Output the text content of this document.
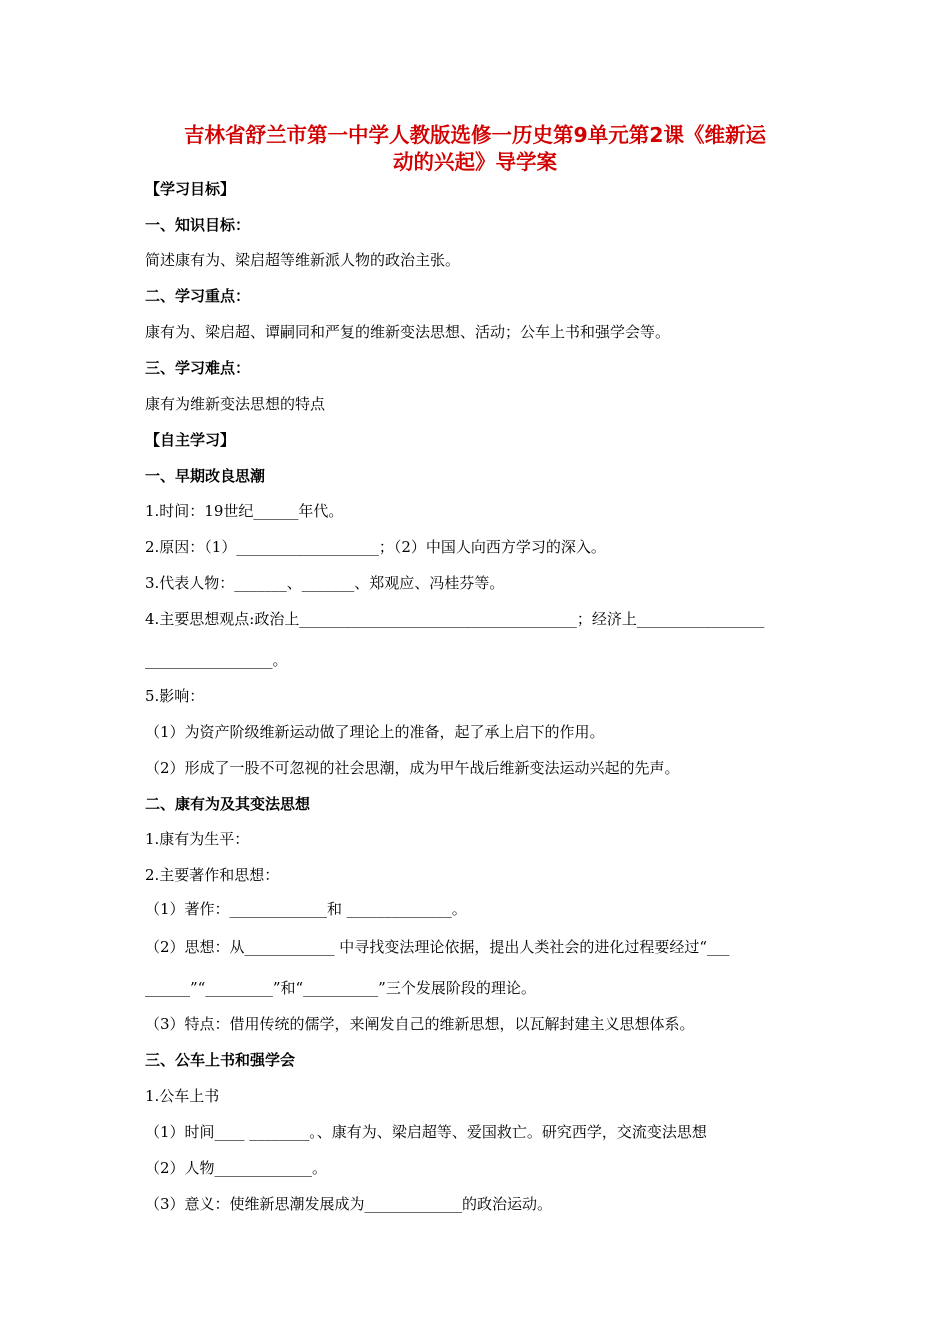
吉林省舒兰市第一中学人教版选修一历史第9单元第2课《维新运
动的兴起》导学案
【学习目标】
一、知识目标：
简述康有为、梁启超等维新派人物的政治主张。
二、学习重点：
康有为、梁启超、谭嗣同和严复的维新变法思想、活动；公车上书和强学会等。
三、学习难点：
康有为维新变法思想的特点
【自主学习】
一、早期改良思潮
1.时间：19世纪______年代。
2.原因：（1）___________________；（2）中国人向西方学习的深入。
3.代表人物：_______、_______、郑观应、冯桂芬等。
4.主要思想观点:政治上_____________________________________；经济上_________________
_________________。
5.影响：
（1）为资产阶级维新运动做了理论上的准备，起了承上启下的作用。
（2）形成了一股不可忽视的社会思潮，成为甲午战后维新变法运动兴起的先声。
二、康有为及其变法思想
1.康有为生平：
2.主要著作和思想：
（1）著作：_____________和 ______________。
（2）思想：从____________ 中寻找变法理论依据，提出人类社会的进化过程要经过“___
______”“_________”和“__________”三个发展阶段的理论。
（3）特点：借用传统的儒学，来阐发自己的维新思想，以瓦解封建主义思想体系。
三、公车上书和强学会
1.公车上书
（1）时间____ ________。、康有为、梁启超等、爱国救亡。研究西学，交流变法思想
（2）人物_____________。
（3）意义：使维新思潮发展成为_____________的政治运动。
